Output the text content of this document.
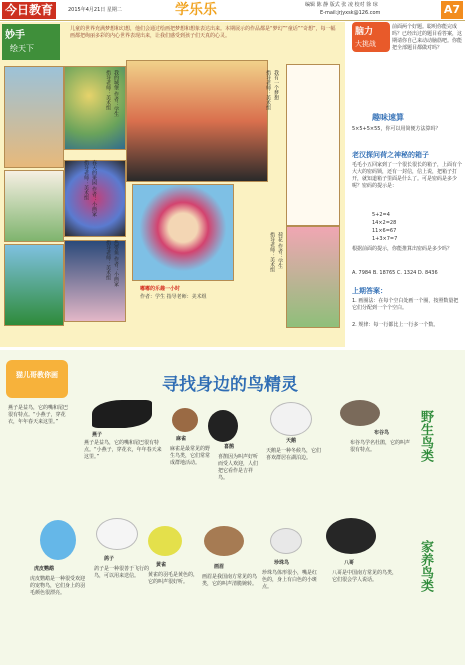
今日教育	2015年4月21日 星期二	学乐乐	编辑 陈 静 版式 张 凌 校对 徐 琼
E-mail:jrjyxsk@126.com	A7
妙手
绘天下
儿童的世界充满梦想和幻想，他们会通过绘画把梦想和想象表达出来。本期展示的作品都是“梦幻”“童话”“奇想”，每一幅画都把绚丽多彩的内心世界表现出来，让我们感受到孩子们天真的心灵。
我的城堡 作者：学生
指导老师：美术组
春天的果园 作者：小画家
指导老师：美术组
热带鱼 作者：小画家
指导老师：美术组
我有一个梦想
指导老师：美术组
荷花 作者：学生
指导老师：美术组
嘟嘟的乐趣一小时
作者：学生 指导老师：美术组
脑力
大挑战
前面两个好题。聪明你能完成吗？已经出过的题目看答案，这期请你自己来动动脑筋吧。你能把全部题目都做对吗？
趣味速算
5×5+5×55，你可以用简便方法算吗？
老汉探问荷之神秘的箱子
毛毛小五回家到了一个很长很长的箱子，上面有个大大的密码锁，还有一封信，信上说，把箱子打开，就知道箱子里面是什么了。可是密码是多少呢？密码的提示是：
5+2=4
14×2=28
11×6=67
1+3×7=7
根据前面的提示，你能推算出密码是多少吗？
A. 7984 B. 18765 C. 1324 D. 8436
上期答案：
1. 画圈法：在每个空白处画一个圈，按照数量把它们分配到一个个空白。
2. 规律：每一行都比上一行多一个数。
猫儿哥教你画	寻找身边的鸟精灵
野生鸟类
家养鸟类
燕子是益鸟，它的嘴和尾巴很有特点。“小燕子，穿花衣，年年春天来这里。”
燕子
燕子是益鸟，它的嘴和尾巴很有特点。“小燕子，穿花衣，年年春天来这里。”
麻雀
麻雀是最常见的野生鸟类，它们常常成群地活动。
喜鹊
喜鹊因为叫声好听而受人欢迎，人们把它看作是吉祥鸟。
天鹅
天鹅是一种冬候鸟，它们喜欢群居在湖泊边。
布谷鸟
布谷鸟学名杜鹃，它的叫声很有特点。
虎皮鹦鹉
虎皮鹦鹉是一种很受欢迎的宠物鸟，它们身上的羽毛颜色很漂亮。
鸽子
鸽子是一种很善于飞行的鸟，可以用来送信。
黄雀
黄雀的羽毛是黄色的，它的叫声很好听。
画眉
画眉是我国南方常见的鸟类，它的叫声清脆婉转。
珍珠鸟
珍珠鸟体形很小，嘴是红色的，身上有白色的小斑点。
八哥
八哥是中国南方常见的鸟类，它们很会学人说话。
